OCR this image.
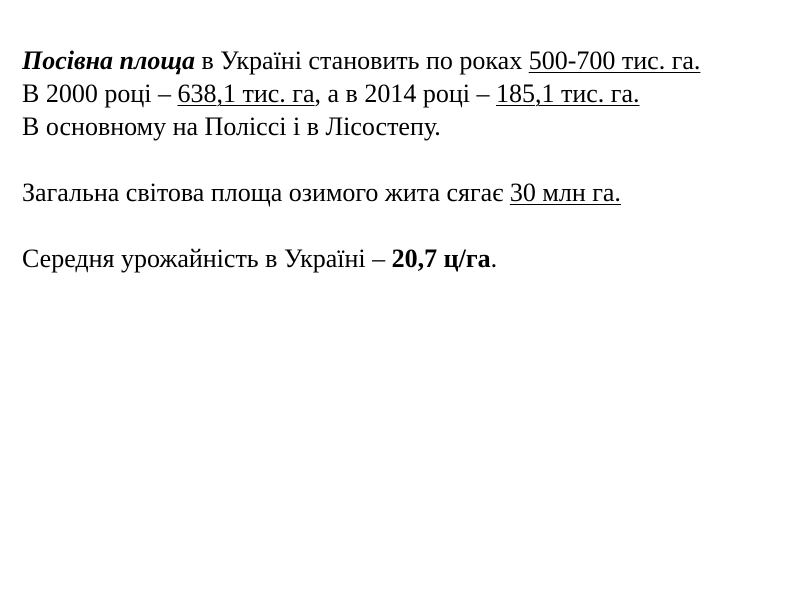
Посівна площа в Україні становить по роках 500-700 тис. га.
В 2000 році – 638,1 тис. га, а в 2014 році – 185,1 тис. га.
В основному на Поліссі і в Лісостепу.
Загальна світова площа озимого жита сягає 30 млн га.
Середня урожайність в Україні – 20,7 ц/га.
